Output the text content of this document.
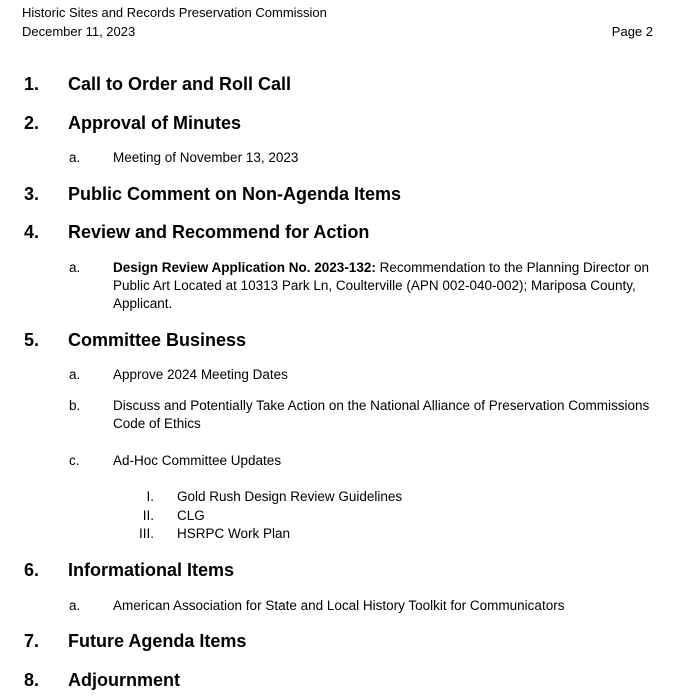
Historic Sites and Records Preservation Commission
December 11, 2023	Page 2
1. Call to Order and Roll Call
2. Approval of Minutes
a. Meeting of November 13, 2023
3. Public Comment on Non-Agenda Items
4. Review and Recommend for Action
a. Design Review Application No. 2023-132: Recommendation to the Planning Director on Public Art Located at 10313 Park Ln, Coulterville (APN 002-040-002); Mariposa County, Applicant.
5. Committee Business
a. Approve 2024 Meeting Dates
b. Discuss and Potentially Take Action on the National Alliance of Preservation Commissions Code of Ethics
c. Ad-Hoc Committee Updates
I. Gold Rush Design Review Guidelines
II. CLG
III. HSRPC Work Plan
6. Informational Items
a. American Association for State and Local History Toolkit for Communicators
7. Future Agenda Items
8. Adjournment
